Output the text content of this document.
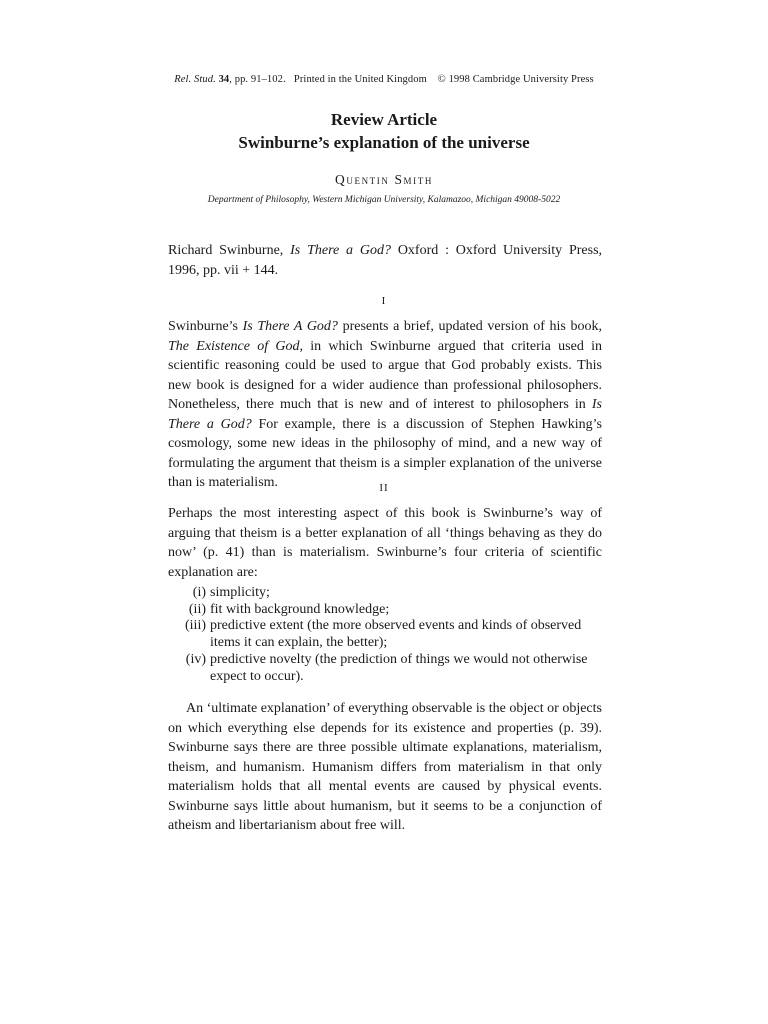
Rel. Stud. 34, pp. 91–102. Printed in the United Kingdom © 1998 Cambridge University Press
Review Article
Swinburne’s explanation of the universe
Quentin Smith
Department of Philosophy, Western Michigan University, Kalamazoo, Michigan 49008-5022

Richard Swinburne, Is There a God? Oxford : Oxford University Press, 1996, pp. vii + 144.

I

Swinburne’s Is There A God? presents a brief, updated version of his book, The Existence of God, in which Swinburne argued that criteria used in scientific reasoning could be used to argue that God probably exists. This new book is designed for a wider audience than professional philosophers. Nonetheless, there much that is new and of interest to philosophers in Is There a God? For example, there is a discussion of Stephen Hawking’s cosmology, some new ideas in the philosophy of mind, and a new way of formulating the argument that theism is a simpler explanation of the universe than is materialism.	II

Perhaps the most interesting aspect of this book is Swinburne’s way of arguing that theism is a better explanation of all ‘things behaving as they do now’ (p. 41) than is materialism. Swinburne’s four criteria of scientific explanation are:

(i) simplicity;
(ii) fit with background knowledge;
(iii) predictive extent (the more observed events and kinds of observed items it can explain, the better);
(iv) predictive novelty (the prediction of things we would not otherwise expect to occur).

An ‘ultimate explanation’ of everything observable is the object or objects on which everything else depends for its existence and properties (p. 39). Swinburne says there are three possible ultimate explanations, materialism, theism, and humanism. Humanism differs from materialism in that only materialism holds that all mental events are caused by physical events. Swinburne says little about humanism, but it seems to be a conjunction of atheism and libertarianism about free will.
